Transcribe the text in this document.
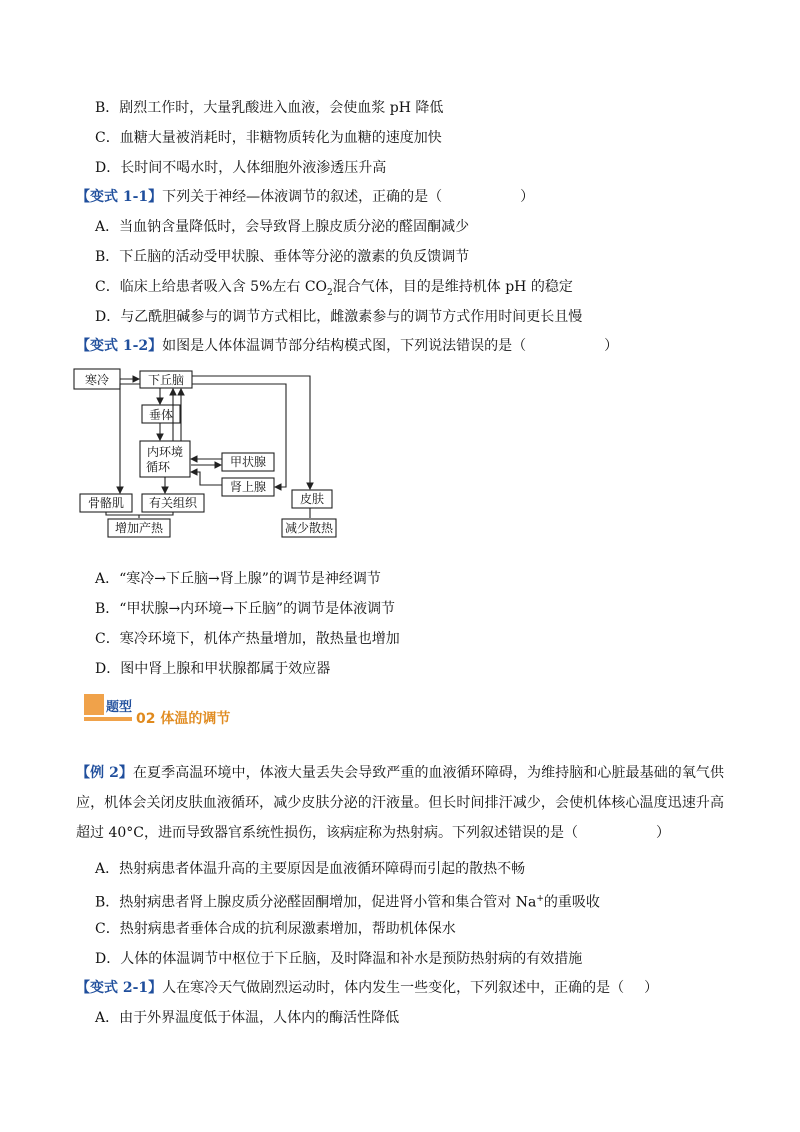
B．剧烈工作时，大量乳酸进入血液，会使血浆 pH 降低
C．血糖大量被消耗时，非糖物质转化为血糖的速度加快
D．长时间不喝水时，人体细胞外液渗透压升高
【变式 1-1】下列关于神经—体液调节的叙述，正确的是（	）
A．当血钠含量降低时，会导致肾上腺皮质分泌的醛固酮减少
B．下丘脑的活动受甲状腺、垂体等分泌的激素的负反馈调节
C．临床上给患者吸入含 5%左右 $CO_2$混合气体，目的是维持机体 pH 的稳定
D．与乙酰胆碱参与的调节方式相比，雌激素参与的调节方式作用时间更长且慢
【变式 1-2】如图是人体体温调节部分结构模式图，下列说法错误的是（	）
寒冷	下丘脑
垂体
内环境
循环	甲状腺
肾上腺
皮肤
骨骼肌 有关组织
增加产热	减少散热
A．“寒冷→下丘脑→肾上腺”的调节是神经调节
B．“甲状腺→内环境→下丘脑”的调节是体液调节
C．寒冷环境下，机体产热量增加，散热量也增加
D．图中肾上腺和甲状腺都属于效应器
题型
02 体温的调节
【例 2】在夏季高温环境中，体液大量丢失会导致严重的血液循环障碍，为维持脑和心脏最基础的氧气供应，机体会关闭皮肤血液循环，减少皮肤分泌的汗液量。但长时间排汗减少，会使机体核心温度迅速升高超过 40°C，进而导致器官系统性损伤，该病症称为热射病。下列叙述错误的是（	）
A．热射病患者体温升高的主要原因是血液循环障碍而引起的散热不畅
B．热射病患者肾上腺皮质分泌醛固酮增加，促进肾小管和集合管对 Na+的重吸收
C．热射病患者垂体合成的抗利尿激素增加，帮助机体保水
D．人体的体温调节中枢位于下丘脑，及时降温和补水是预防热射病的有效措施
【变式 2-1】人在寒冷天气做剧烈运动时，体内发生一些变化，下列叙述中，正确的是（ ）
A．由于外界温度低于体温，人体内的酶活性降低
